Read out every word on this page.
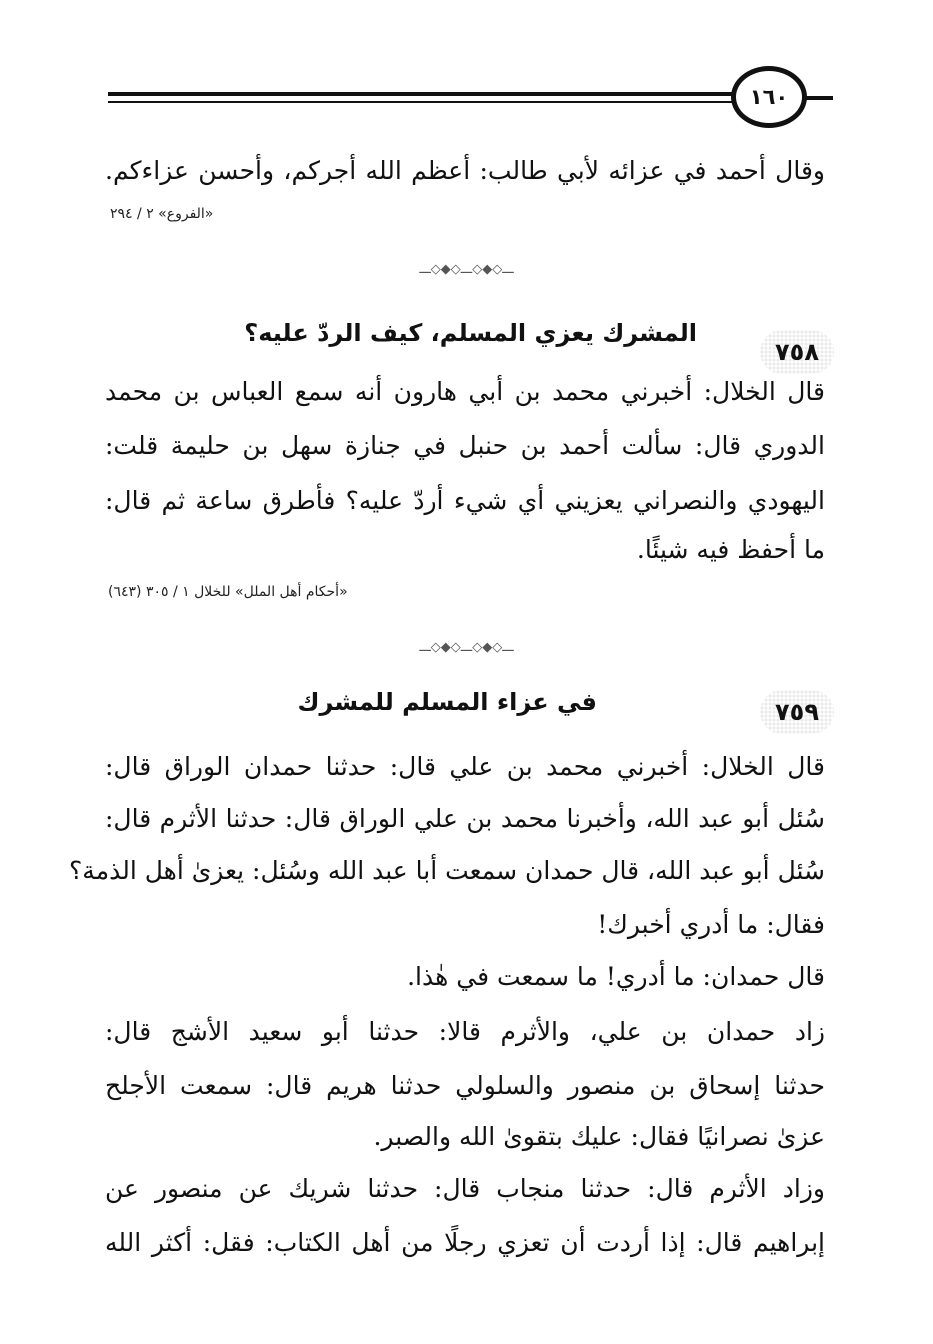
١٦٠
وقال أحمد في عزائه لأبي طالب: أعظم الله أجركم، وأحسن عزاءكم.
«الفروع» ٢ / ٢٩٤
ـــ◇◆◇ـــ◇◆◇ـــ
٧٥٨
المشرك يعزي المسلم، كيف الردّ عليه؟
قال الخلال: أخبرني محمد بن أبي هارون أنه سمع العباس بن محمد
الدوري قال: سألت أحمد بن حنبل في جنازة سهل بن حليمة قلت:
اليهودي والنصراني يعزيني أي شيء أردّ عليه؟ فأطرق ساعة ثم قال:
ما أحفظ فيه شيئًا.
«أحكام أهل الملل» للخلال ١ / ٣٠٥ (٦٤٣)
ـــ◇◆◇ـــ◇◆◇ـــ
٧٥٩
في عزاء المسلم للمشرك
قال الخلال: أخبرني محمد بن علي قال: حدثنا حمدان الوراق قال:
سُئل أبو عبد الله، وأخبرنا محمد بن علي الوراق قال: حدثنا الأثرم قال:
سُئل أبو عبد الله، قال حمدان سمعت أبا عبد الله وسُئل: يعزىٰ أهل الذمة؟
فقال: ما أدري أخبرك!
قال حمدان: ما أدري! ما سمعت في هٰذا.
زاد حمدان بن علي، والأثرم قالا: حدثنا أبو سعيد الأشج قال:
حدثنا إسحاق بن منصور والسلولي حدثنا هريم قال: سمعت الأجلح
عزىٰ نصرانيًا فقال: عليك بتقوىٰ الله والصبر.
وزاد الأثرم قال: حدثنا منجاب قال: حدثنا شريك عن منصور عن
إبراهيم قال: إذا أردت أن تعزي رجلًا من أهل الكتاب: فقل: أكثر الله
